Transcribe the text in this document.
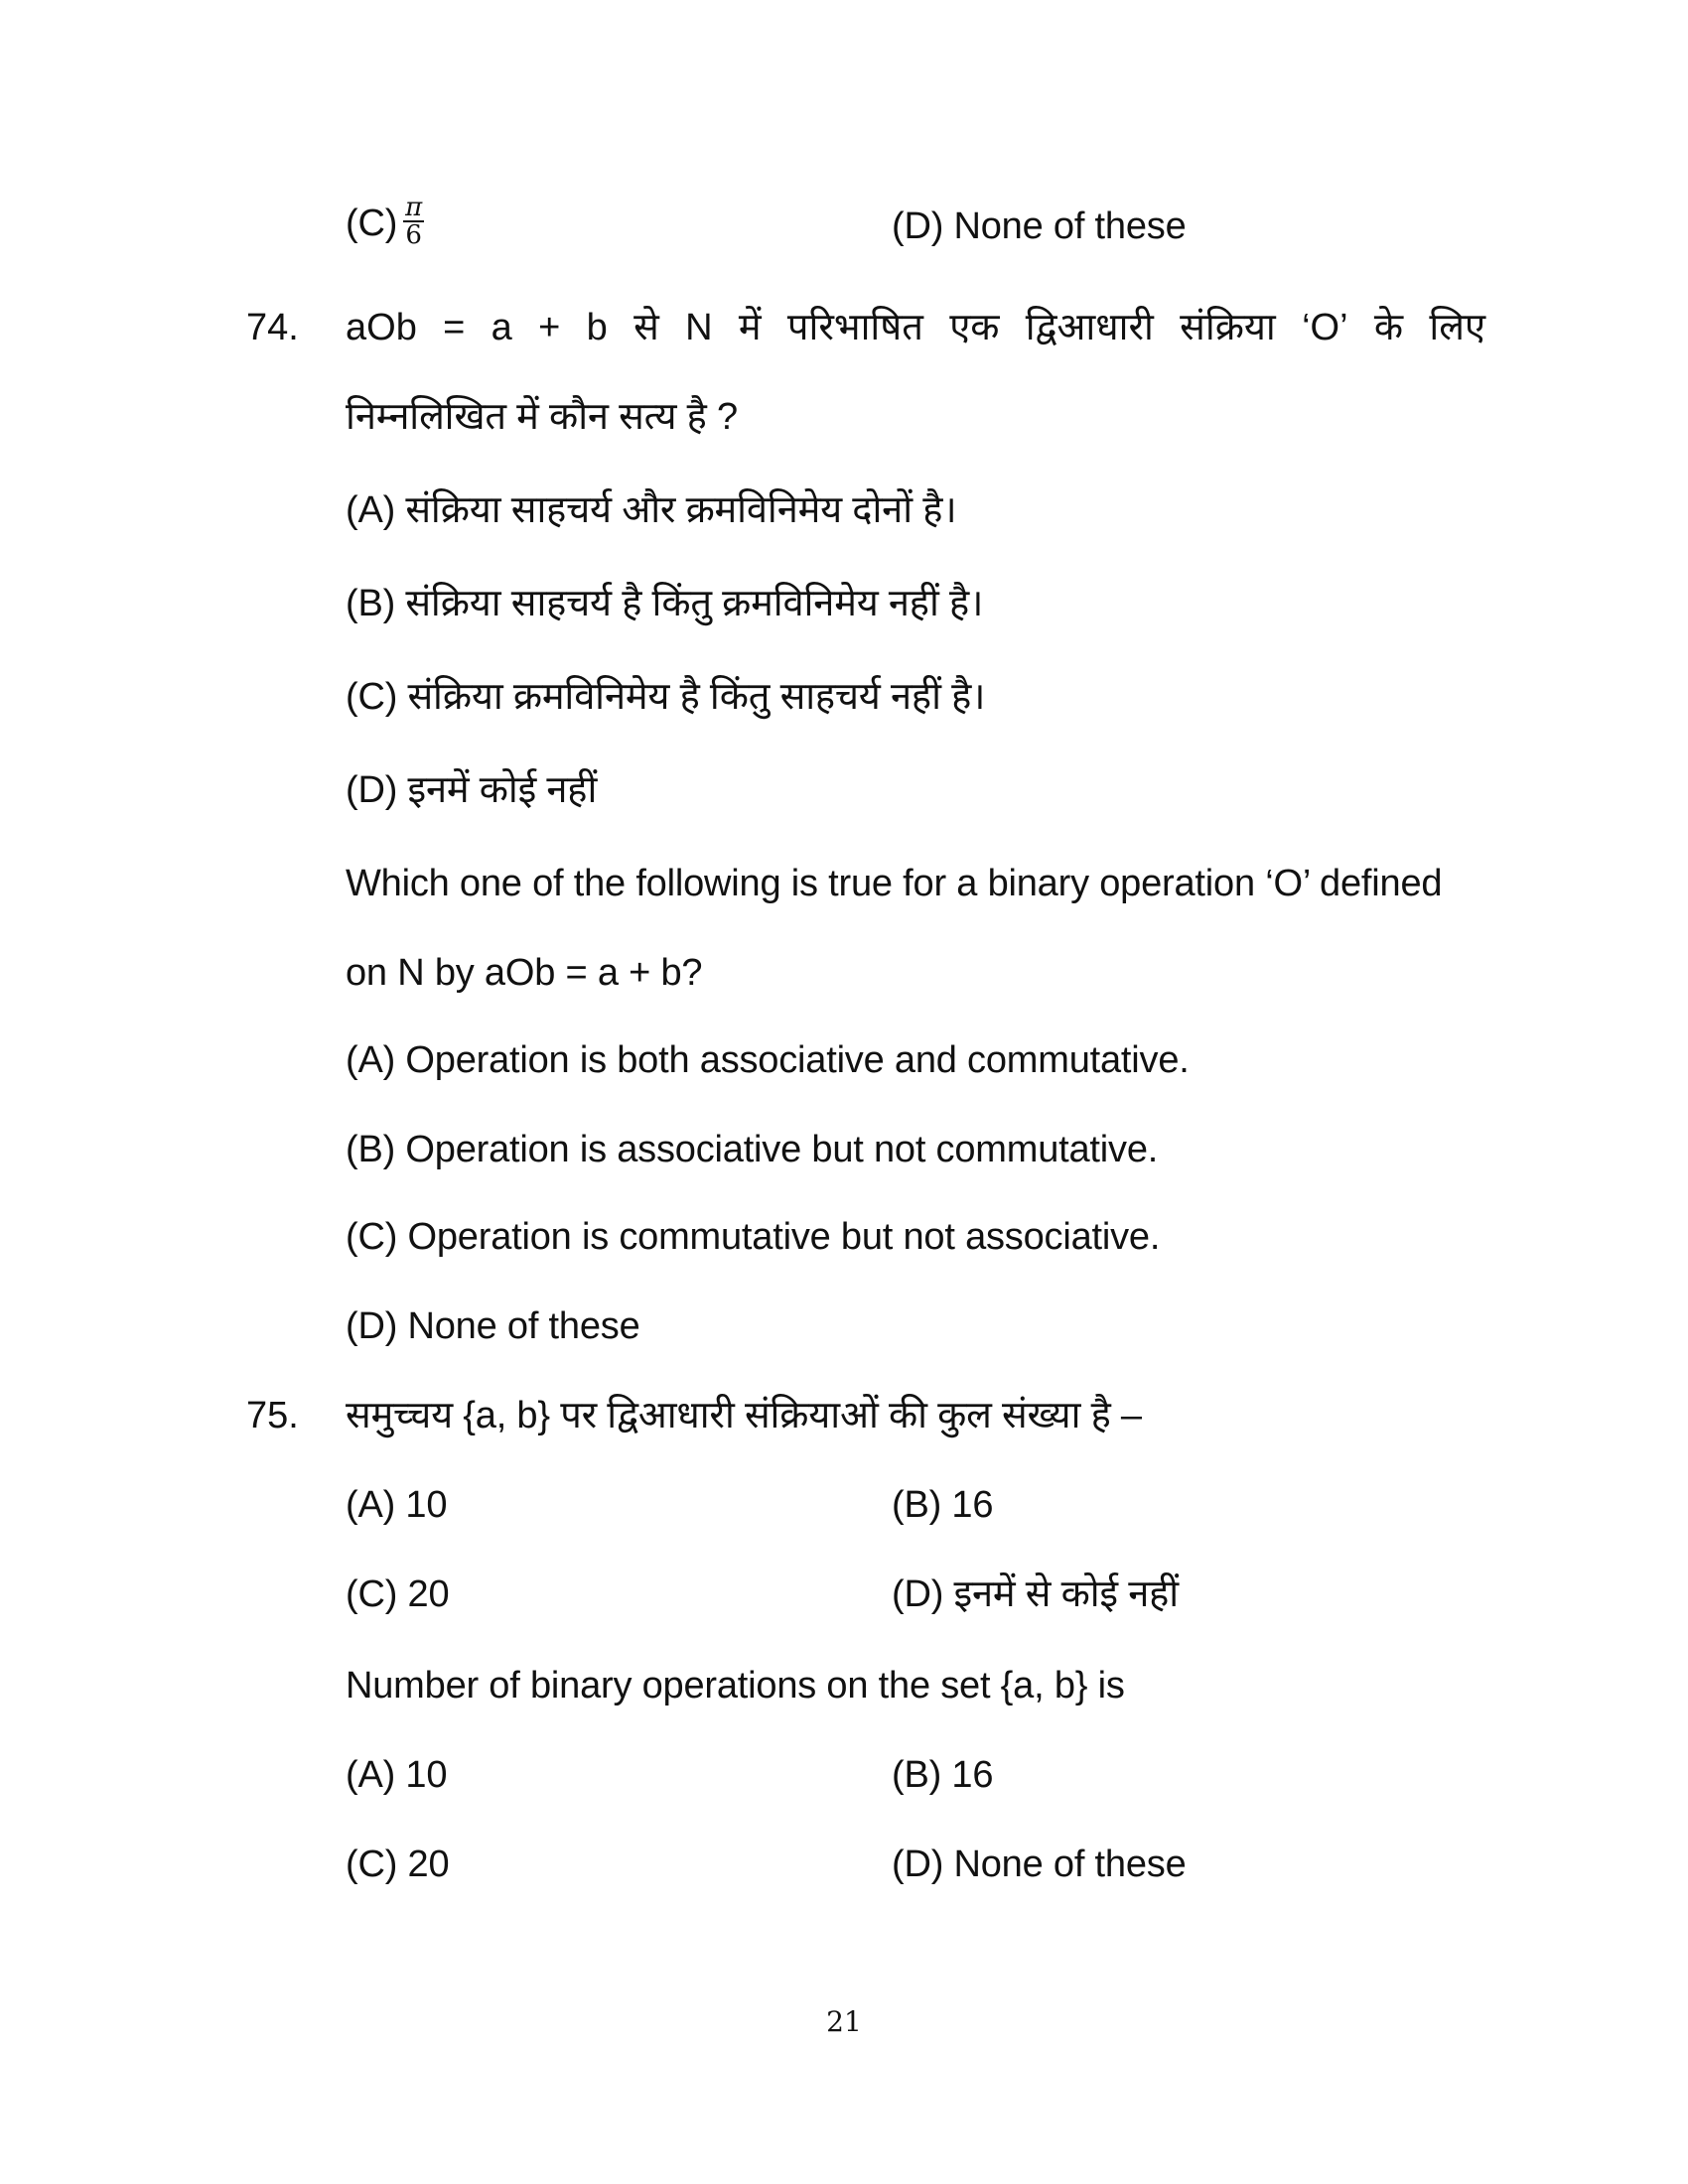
$(C) \frac{\pi}{6}$	(D) None of these
74. aOb = a + b से N में परिभाषित एक द्विआधारी संक्रिया ‘O’ के लिए
निम्नलिखित में कौन सत्य है ?
(A) संक्रिया साहचर्य और क्रमविनिमेय दोनों है।
(B) संक्रिया साहचर्य है किंतु क्रमविनिमेय नहीं है।
(C) संक्रिया क्रमविनिमेय है किंतु साहचर्य नहीं है।
(D) इनमें कोई नहीं
Which one of the following is true for a binary operation ‘O’ defined
on N by aOb = a + b?
(A) Operation is both associative and commutative.
(B) Operation is associative but not commutative.
(C) Operation is commutative but not associative.
(D) None of these
75. समुच्चय {a, b} पर द्विआधारी संक्रियाओं की कुल संख्या है –
(A) 10	(B) 16
(C) 20	(D) इनमें से कोई नहीं
Number of binary operations on the set {a, b} is
(A) 10	(B) 16
(C) 20	(D) None of these
21
